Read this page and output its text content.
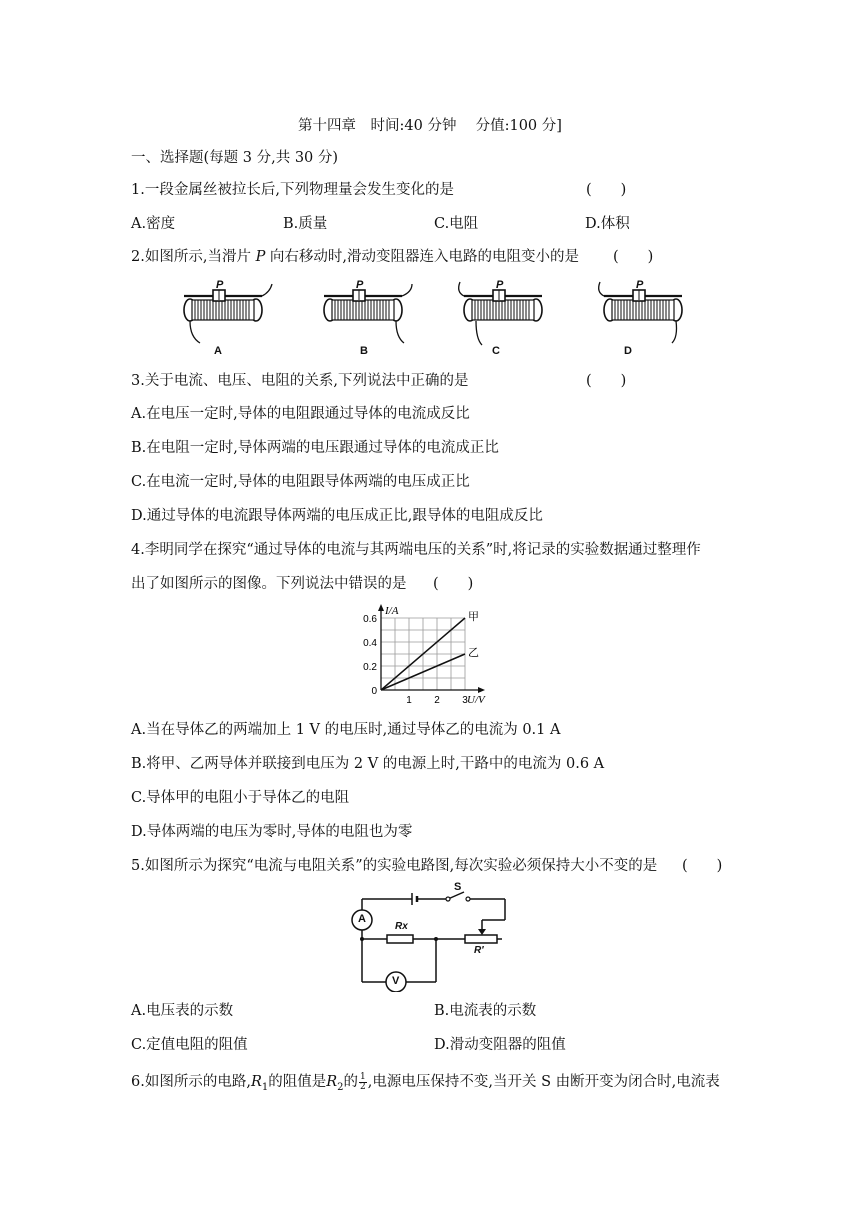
第十四章　时间:40 分钟　 分值:100 分]
一、选择题(每题 3 分,共 30 分)
1.一段金属丝被拉长后,下列物理量会发生变化的是	(　　)
A.密度	B.质量	C.电阻	D.体积
2.如图所示,当滑片 P 向右移动时,滑动变阻器连入电路的电阻变小的是 (　　)
P	P	P	P
A	B	C	D
3.关于电流、电压、电阻的关系,下列说法中正确的是	(　　)
A.在电压一定时,导体的电阻跟通过导体的电流成反比
B.在电阻一定时,导体两端的电压跟通过导体的电流成正比
C.在电流一定时,导体的电阻跟导体两端的电压成正比
D.通过导体的电流跟导体两端的电压成正比,跟导体的电阻成反比
4.李明同学在探究“通过导体的电流与其两端电压的关系”时,将记录的实验数据通过整理作
出了如图所示的图像。下列说法中错误的是 (　　)
1 2 3
0.2
0.4
0.6
0
U/V
I/A	甲
乙
A.当在导体乙的两端加上 1 V 的电压时,通过导体乙的电流为 0.1 A
B.将甲、乙两导体并联接到电压为 2 V 的电源上时,干路中的电流为 0.6 A
C.导体甲的电阻小于导体乙的电阻
D.导体两端的电压为零时,导体的电阻也为零
5.如图所示为探究“电流与电阻关系”的实验电路图,每次实验必须保持大小不变的是 (　　)
A
V
S
Rx
R′
A.电压表的示数	B.电流表的示数
C.定值电阻的阻值	D.滑动变阻器的阻值
6.如图所示的电路$,R_1$的阻值是$R_2$的 $\frac{1}{2}$ ,电源电压保持不变,当开关 S 由断开变为闭合时,电流表
